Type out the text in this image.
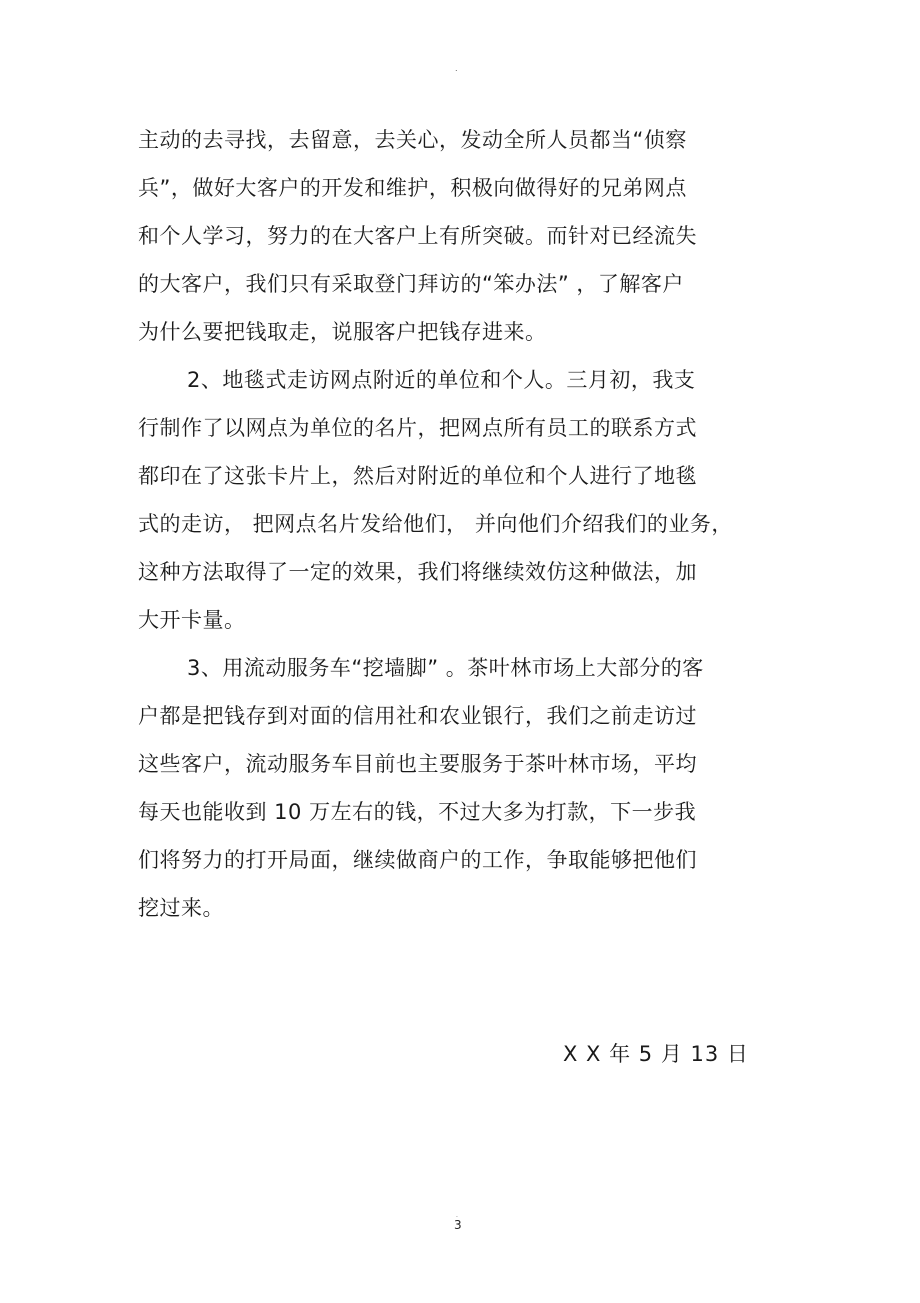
.
主动的去寻找，去留意，去关心，发动全所人员都当“侦察
兵”，做好大客户的开发和维护，积极向做得好的兄弟网点
和个人学习，努力的在大客户上有所突破。而针对已经流失
的大客户，我们只有采取登门拜访的“笨办法” ，了解客户
为什么要把钱取走，说服客户把钱存进来。
2、地毯式走访网点附近的单位和个人。三月初，我支
行制作了以网点为单位的名片，把网点所有员工的联系方式
都印在了这张卡片上，然后对附近的单位和个人进行了地毯
式的走访， 把网点名片发给他们， 并向他们介绍我们的业务，
这种方法取得了一定的效果，我们将继续效仿这种做法，加
大开卡量。
3、用流动服务车“挖墙脚” 。茶叶林市场上大部分的客
户都是把钱存到对面的信用社和农业银行，我们之前走访过
这些客户，流动服务车目前也主要服务于茶叶林市场，平均
每天也能收到 10 万左右的钱，不过大多为打款，下一步我
们将努力的打开局面，继续做商户的工作，争取能够把他们
挖过来。
X X 年 5 月 13 日
.
3
